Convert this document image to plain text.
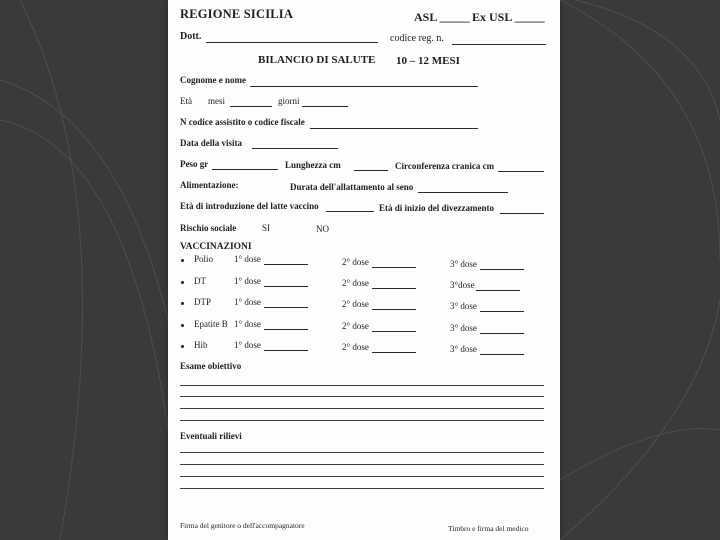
REGIONE SICILIA	ASL _____ Ex USL _____
Dott.	codice reg. n.
BILANCIO DI SALUTE 10 – 12 MESI
Cognome e nome
Età mesi	giorni
N codice assistito o codice fiscale
Data della visita
Peso gr	Lunghezza cm	Circonferenza cranica cm
Alimentazione:	Durata dell'allattamento al seno
Età di introduzione del latte vaccino	Età di inizio del divezzamento
Rischio sociale	SI	NO
VACCINAZIONI
Polio 1° dose	2° dose	3° dose
DT	1° dose	2° dose	3°dose
DTP	1° dose	2° dose	3° dose
Epatite B 1° dose	2° dose	3° dose
Hib	1° dose	2° dose	3° dose
Esame obiettivo
Eventuali rilievi
Firma del genitore o dell'accompagnatore	Timbro e firma del medico
